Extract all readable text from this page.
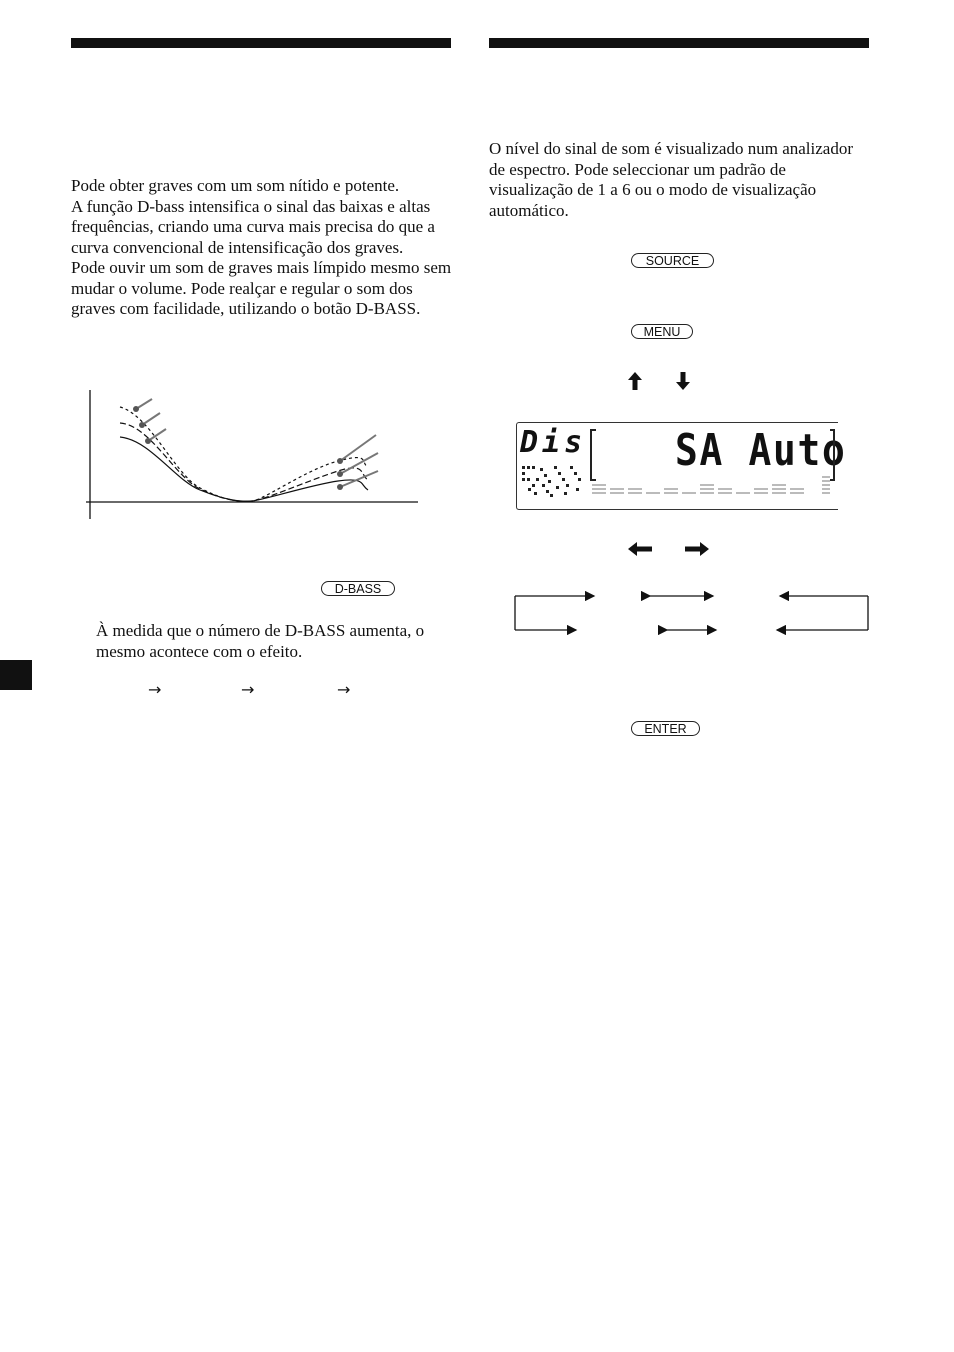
Pode obter graves com um som nítido e potente.
A função D-bass intensifica o sinal das baixas e altas frequências, criando uma curva mais precisa do que a curva convencional de intensificação dos graves.
Pode ouvir um som de graves mais límpido mesmo sem mudar o volume. Pode realçar e regular o som dos graves com facilidade, utilizando o botão D-BASS.

D-BASS

À medida que o número de D-BASS aumenta, o mesmo acontece com o efeito.

→	→	→

O nível do sinal de som é visualizado num analizador de espectro. Pode seleccionar um padrão de visualização de 1 a 6 ou o modo de visualização automático.

SOURCE
MENU
Dis SA Auto
ENTER
